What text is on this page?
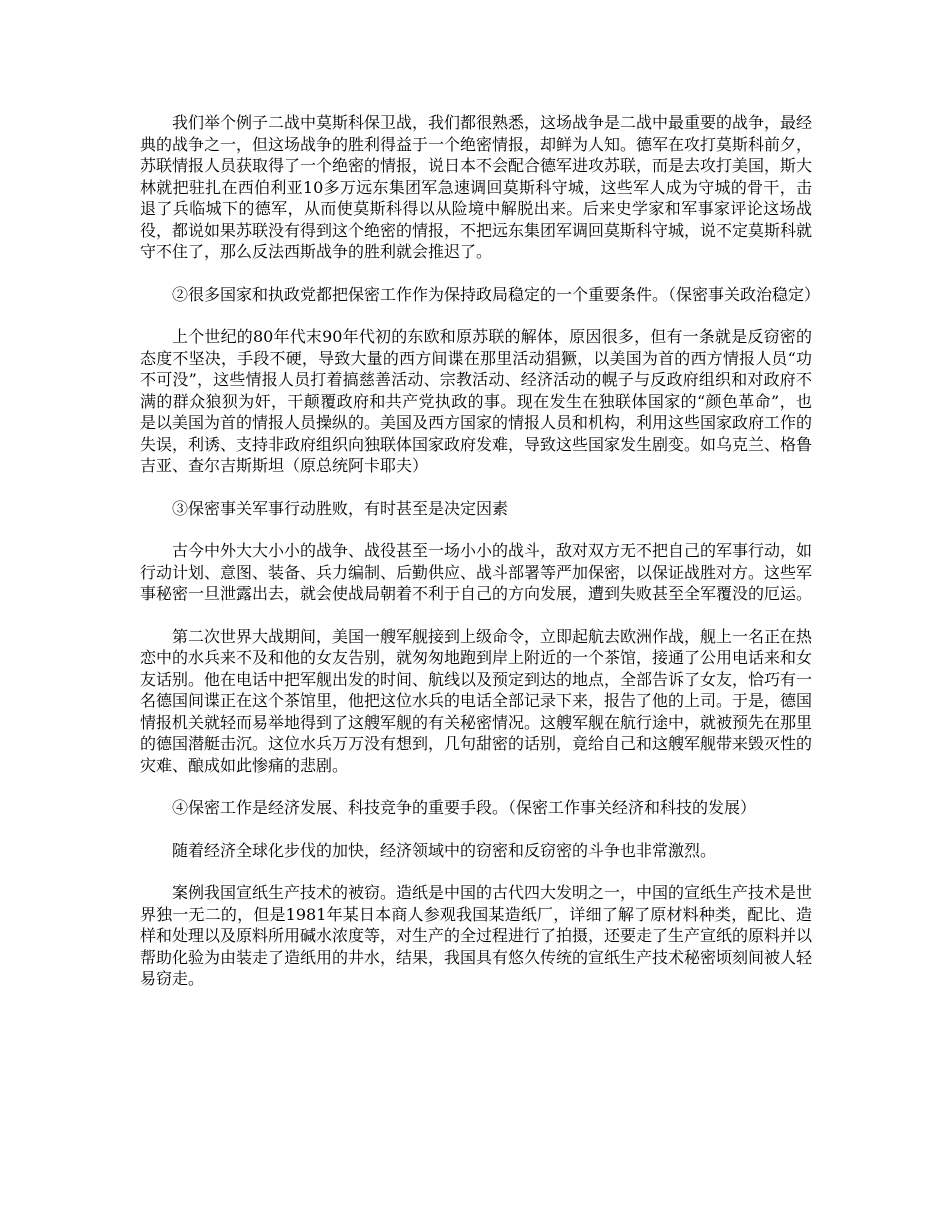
我们举个例子二战中莫斯科保卫战，我们都很熟悉，这场战争是二战中最重要的战争，最经典的战争之一，但这场战争的胜利得益于一个绝密情报，却鲜为人知。德军在攻打莫斯科前夕，苏联情报人员获取得了一个绝密的情报，说日本不会配合德军进攻苏联，而是去攻打美国，斯大林就把驻扎在西伯利亚10多万远东集团军急速调回莫斯科守城，这些军人成为守城的骨干，击退了兵临城下的德军，从而使莫斯科得以从险境中解脱出来。后来史学家和军事家评论这场战役，都说如果苏联没有得到这个绝密的情报，不把远东集团军调回莫斯科守城，说不定莫斯科就守不住了，那么反法西斯战争的胜利就会推迟了。

②很多国家和执政党都把保密工作作为保持政局稳定的一个重要条件。（保密事关政治稳定）

上个世纪的80年代末90年代初的东欧和原苏联的解体，原因很多，但有一条就是反窃密的态度不坚决，手段不硬，导致大量的西方间谍在那里活动猖獗，以美国为首的西方情报人员“功不可没”，这些情报人员打着搞慈善活动、宗教活动、经济活动的幌子与反政府组织和对政府不满的群众狼狈为奸，干颠覆政府和共产党执政的事。现在发生在独联体国家的“颜色革命”，也是以美国为首的情报人员操纵的。美国及西方国家的情报人员和机构，利用这些国家政府工作的失误，利诱、支持非政府组织向独联体国家政府发难，导致这些国家发生剧变。如乌克兰、格鲁吉亚、查尔吉斯斯坦（原总统阿卡耶夫）

③保密事关军事行动胜败，有时甚至是决定因素

古今中外大大小小的战争、战役甚至一场小小的战斗，敌对双方无不把自己的军事行动，如行动计划、意图、装备、兵力编制、后勤供应、战斗部署等严加保密，以保证战胜对方。这些军事秘密一旦泄露出去，就会使战局朝着不利于自己的方向发展，遭到失败甚至全军覆没的厄运。

第二次世界大战期间，美国一艘军舰接到上级命令，立即起航去欧洲作战，舰上一名正在热恋中的水兵来不及和他的女友告别，就匆匆地跑到岸上附近的一个茶馆，接通了公用电话来和女友话别。他在电话中把军舰出发的时间、航线以及预定到达的地点，全部告诉了女友，恰巧有一名德国间谍正在这个茶馆里，他把这位水兵的电话全部记录下来，报告了他的上司。于是，德国情报机关就轻而易举地得到了这艘军舰的有关秘密情况。这艘军舰在航行途中，就被预先在那里的德国潜艇击沉。这位水兵万万没有想到，几句甜密的话别，竟给自己和这艘军舰带来毁灭性的灾难、酿成如此惨痛的悲剧。

④保密工作是经济发展、科技竞争的重要手段。（保密工作事关经济和科技的发展）

随着经济全球化步伐的加快，经济领域中的窃密和反窃密的斗争也非常激烈。

案例我国宣纸生产技术的被窃。造纸是中国的古代四大发明之一，中国的宣纸生产技术是世界独一无二的，但是1981年某日本商人参观我国某造纸厂，详细了解了原材料种类，配比、造样和处理以及原料所用碱水浓度等，对生产的全过程进行了拍摄，还要走了生产宣纸的原料并以帮助化验为由装走了造纸用的井水，结果，我国具有悠久传统的宣纸生产技术秘密顷刻间被人轻易窃走。
